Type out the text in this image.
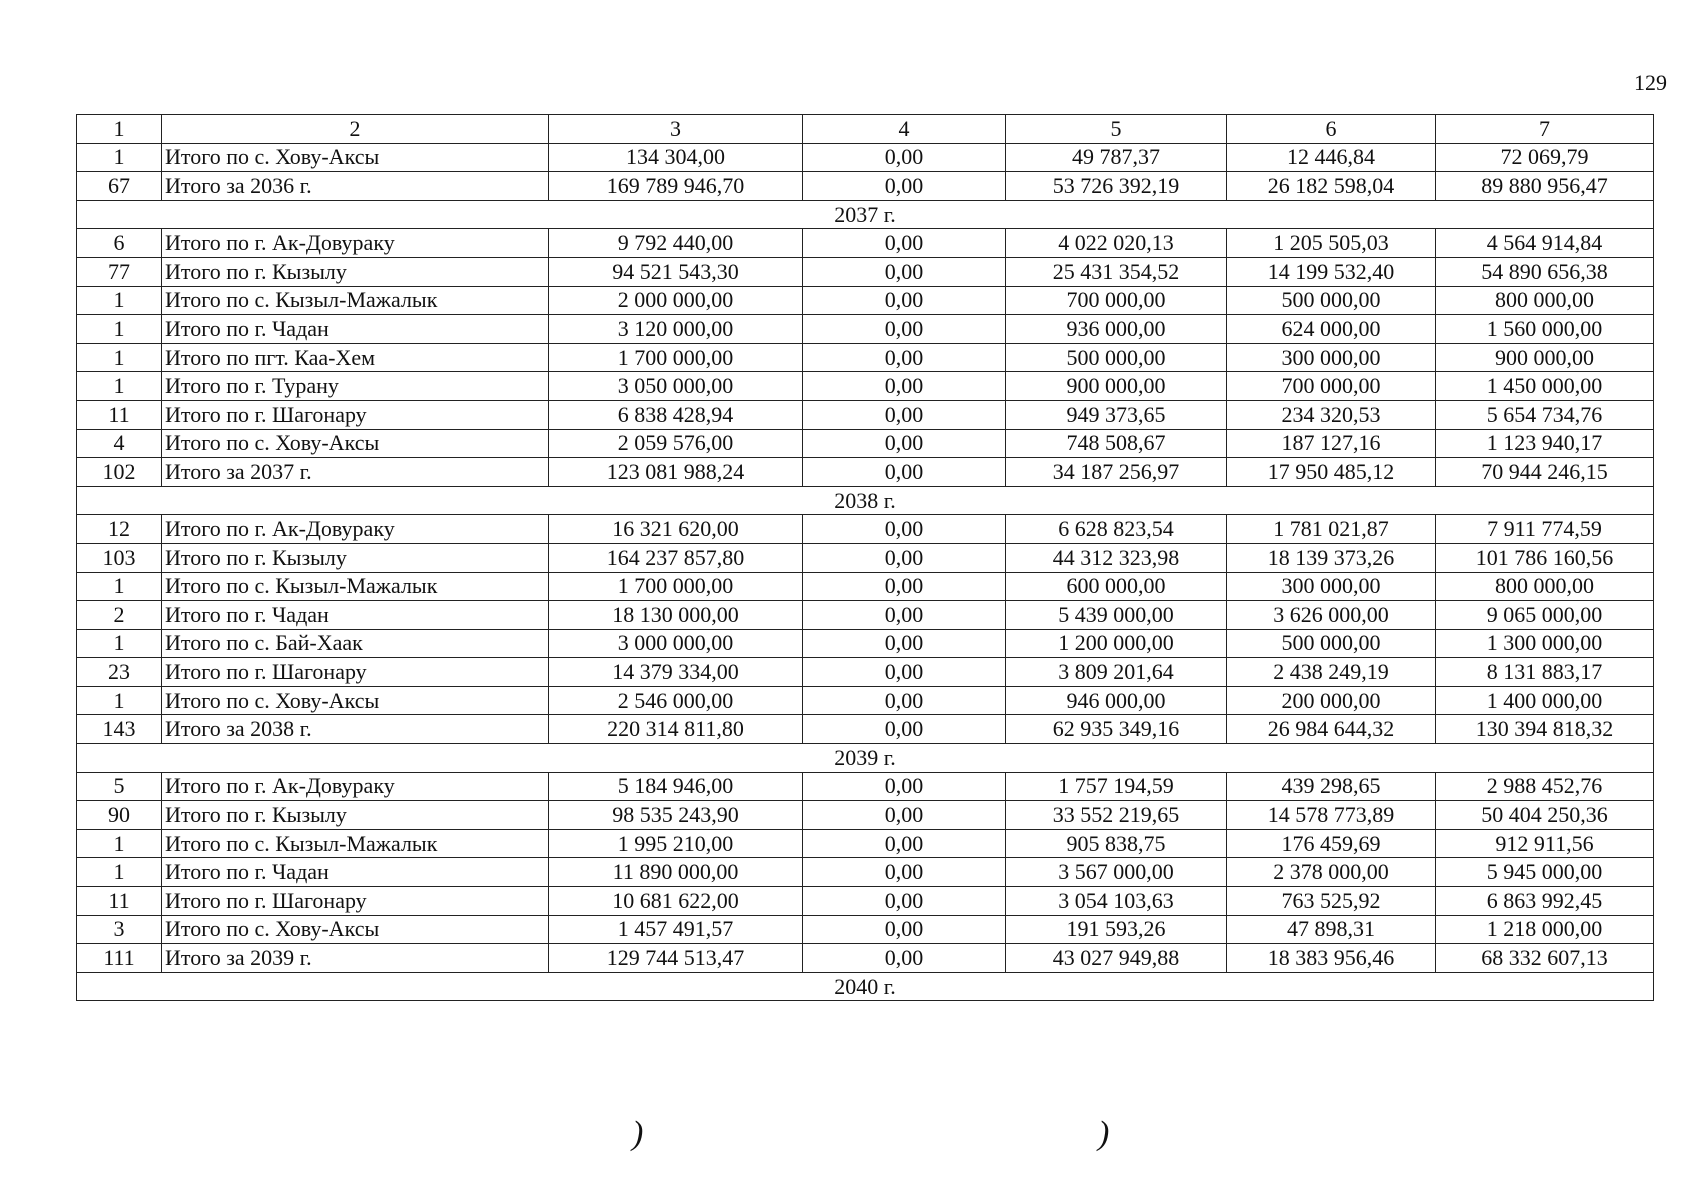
129
1	2	3	4	5	6	7
1	Итого по с. Хову-Аксы	134 304,00	0,00	49 787,37	12 446,84	72 069,79
67	Итого за 2036 г.	169 789 946,70	0,00	53 726 392,19	26 182 598,04	89 880 956,47
2037 г.						
6	Итого по г. Ак-Довураку	9 792 440,00	0,00	4 022 020,13	1 205 505,03	4 564 914,84
77	Итого по г. Кызылу	94 521 543,30	0,00	25 431 354,52	14 199 532,40	54 890 656,38
1	Итого по с. Кызыл-Мажалык	2 000 000,00	0,00	700 000,00	500 000,00	800 000,00
1	Итого по г. Чадан	3 120 000,00	0,00	936 000,00	624 000,00	1 560 000,00
1	Итого по пгт. Каа-Хем	1 700 000,00	0,00	500 000,00	300 000,00	900 000,00
1	Итого по г. Турану	3 050 000,00	0,00	900 000,00	700 000,00	1 450 000,00
11	Итого по г. Шагонару	6 838 428,94	0,00	949 373,65	234 320,53	5 654 734,76
4	Итого по с. Хову-Аксы	2 059 576,00	0,00	748 508,67	187 127,16	1 123 940,17
102	Итого за 2037 г.	123 081 988,24	0,00	34 187 256,97	17 950 485,12	70 944 246,15
2038 г.						
12	Итого по г. Ак-Довураку	16 321 620,00	0,00	6 628 823,54	1 781 021,87	7 911 774,59
103	Итого по г. Кызылу	164 237 857,80	0,00	44 312 323,98	18 139 373,26	101 786 160,56
1	Итого по с. Кызыл-Мажалык	1 700 000,00	0,00	600 000,00	300 000,00	800 000,00
2	Итого по г. Чадан	18 130 000,00	0,00	5 439 000,00	3 626 000,00	9 065 000,00
1	Итого по с. Бай-Хаак	3 000 000,00	0,00	1 200 000,00	500 000,00	1 300 000,00
23	Итого по г. Шагонару	14 379 334,00	0,00	3 809 201,64	2 438 249,19	8 131 883,17
1	Итого по с. Хову-Аксы	2 546 000,00	0,00	946 000,00	200 000,00	1 400 000,00
143	Итого за 2038 г.	220 314 811,80	0,00	62 935 349,16	26 984 644,32	130 394 818,32
2039 г.						
5	Итого по г. Ак-Довураку	5 184 946,00	0,00	1 757 194,59	439 298,65	2 988 452,76
90	Итого по г. Кызылу	98 535 243,90	0,00	33 552 219,65	14 578 773,89	50 404 250,36
1	Итого по с. Кызыл-Мажалык	1 995 210,00	0,00	905 838,75	176 459,69	912 911,56
1	Итого по г. Чадан	11 890 000,00	0,00	3 567 000,00	2 378 000,00	5 945 000,00
11	Итого по г. Шагонару	10 681 622,00	0,00	3 054 103,63	763 525,92	6 863 992,45
3	Итого по с. Хову-Аксы	1 457 491,57	0,00	191 593,26	47 898,31	1 218 000,00
111	Итого за 2039 г.	129 744 513,47	0,00	43 027 949,88	18 383 956,46	68 332 607,13
2040 г.						
)	)
